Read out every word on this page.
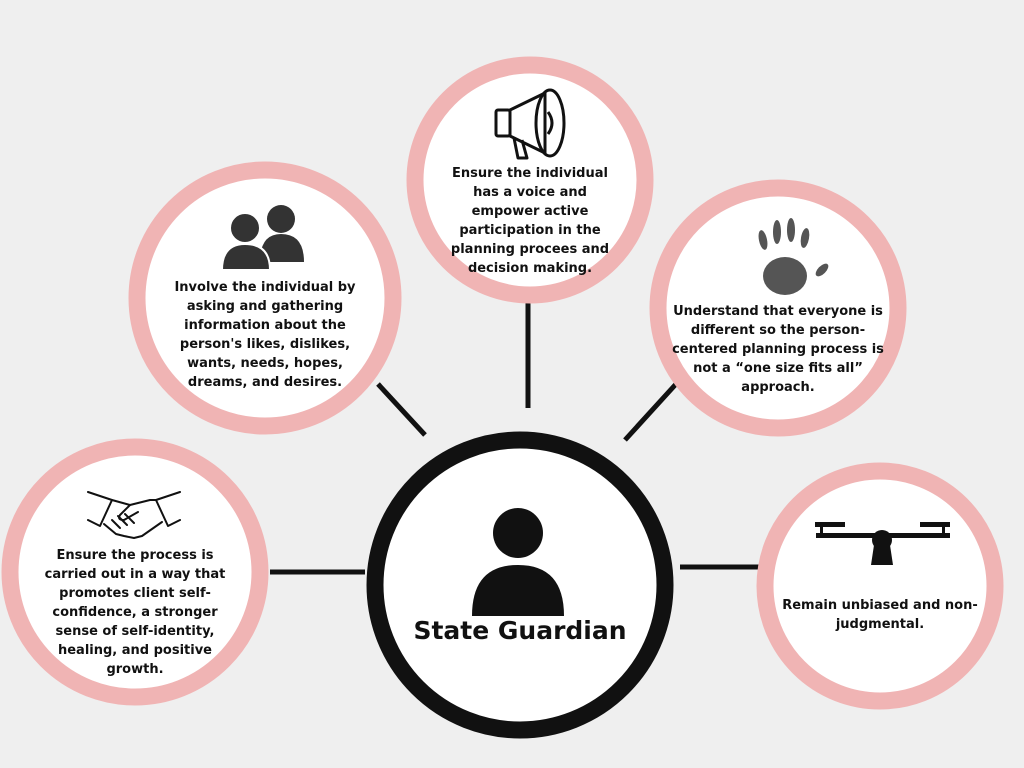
Ensure the individual
has a voice and
empower active
participation in the
planning procees and
decision making.
Involve the individual by
asking and gathering
information about the
person's likes, dislikes,
wants, needs, hopes,
dreams, and desires.
Understand that everyone is
different so the person-
centered planning process is
not a “one size fits all”
approach.
Ensure the process is
carried out in a way that
promotes client self-
confidence, a stronger
sense of self-identity,
healing, and positive
growth.
Remain unbiased and non-
judgmental.
State Guardian
